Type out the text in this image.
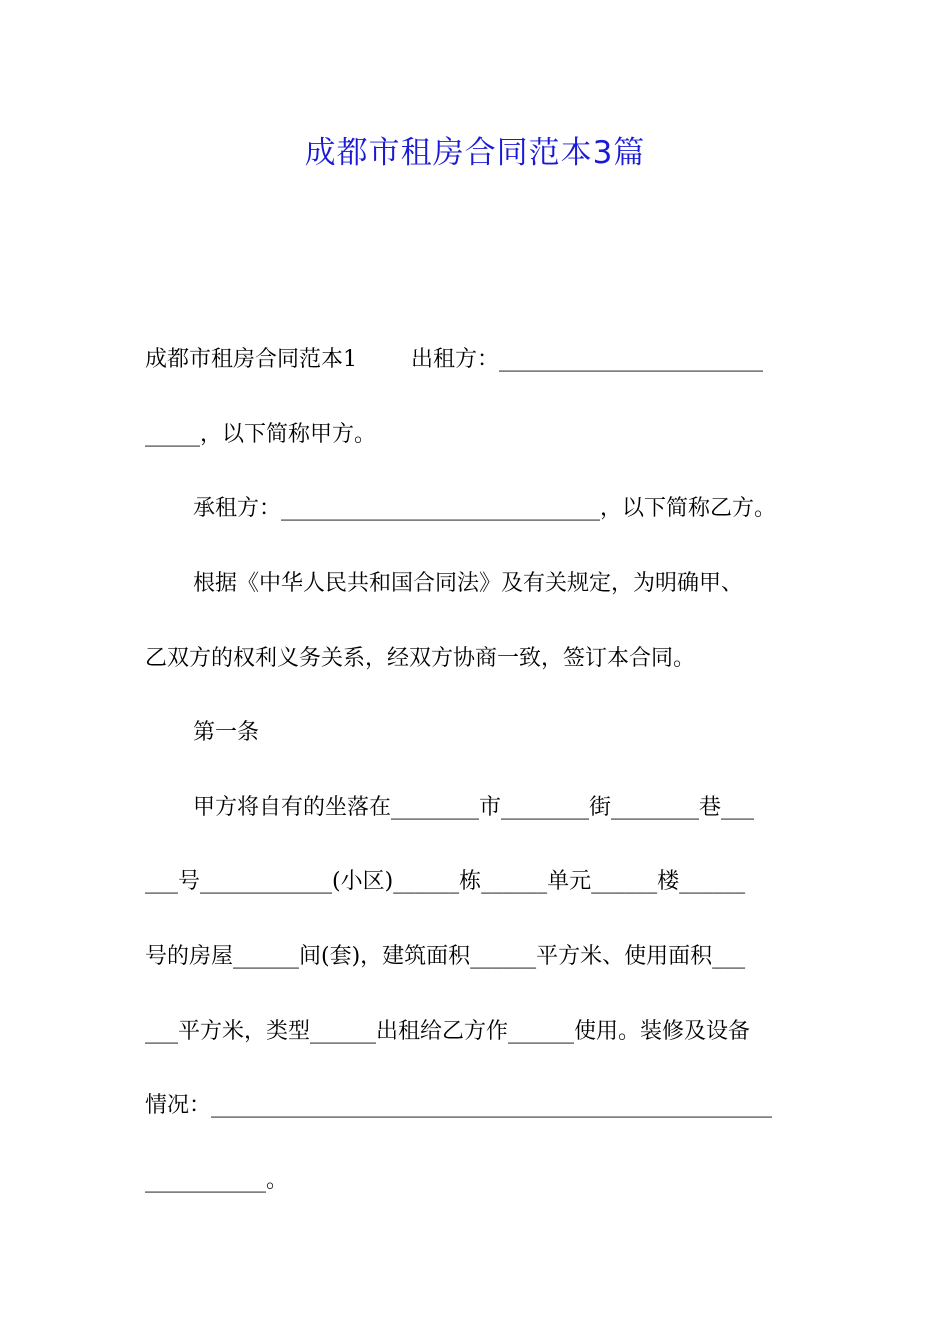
成都市租房合同范本3篇
成都市租房合同范本1 出租方：________________________
_____，以下简称甲方。
承租方：_____________________________，以下简称乙方。
根据《中华人民共和国合同法》及有关规定，为明确甲、
乙双方的权利义务关系，经双方协商一致，签订本合同。
第一条
甲方将自有的坐落在________市________街________巷___
___号____________(小区)______栋______单元______楼______
号的房屋______间(套)，建筑面积______平方米、使用面积___
___平方米，类型______出租给乙方作______使用。装修及设备
情况：___________________________________________________
___________。
